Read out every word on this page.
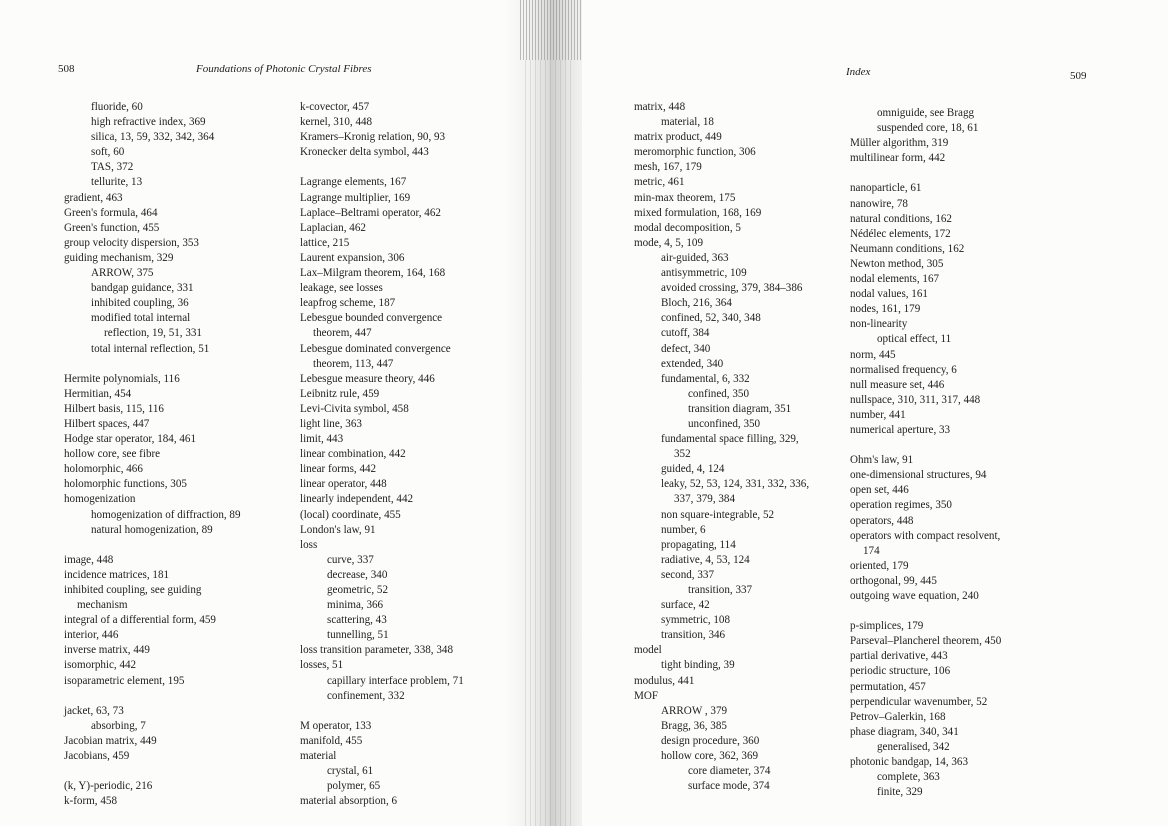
508	Foundations of Photonic Crystal Fibres
fluoride, 60
high refractive index, 369
silica, 13, 59, 332, 342, 364
soft, 60
TAS, 372
tellurite, 13
gradient, 463
Green's formula, 464
Green's function, 455
group velocity dispersion, 353
guiding mechanism, 329
ARROW, 375
bandgap guidance, 331
inhibited coupling, 36
modified total internal
reflection, 19, 51, 331
total internal reflection, 51
Hermite polynomials, 116
Hermitian, 454
Hilbert basis, 115, 116
Hilbert spaces, 447
Hodge star operator, 184, 461
hollow core, see fibre
holomorphic, 466
holomorphic functions, 305
homogenization
homogenization of diffraction, 89
natural homogenization, 89
image, 448
incidence matrices, 181
inhibited coupling, see guiding
mechanism
integral of a differential form, 459
interior, 446
inverse matrix, 449
isomorphic, 442
isoparametric element, 195
jacket, 63, 73
absorbing, 7
Jacobian matrix, 449
Jacobians, 459
(k, Y)-periodic, 216
k-form, 458
k-covector, 457
kernel, 310, 448
Kramers–Kronig relation, 90, 93
Kronecker delta symbol, 443
Lagrange elements, 167
Lagrange multiplier, 169
Laplace–Beltrami operator, 462
Laplacian, 462
lattice, 215
Laurent expansion, 306
Lax–Milgram theorem, 164, 168
leakage, see losses
leapfrog scheme, 187
Lebesgue bounded convergence
theorem, 447
Lebesgue dominated convergence
theorem, 113, 447
Lebesgue measure theory, 446
Leibnitz rule, 459
Levi-Civita symbol, 458
light line, 363
limit, 443
linear combination, 442
linear forms, 442
linear operator, 448
linearly independent, 442
(local) coordinate, 455
London's law, 91
loss
curve, 337
decrease, 340
geometric, 52
minima, 366
scattering, 43
tunnelling, 51
loss transition parameter, 338, 348
losses, 51
capillary interface problem, 71
confinement, 332
M operator, 133
manifold, 455
material
crystal, 61
polymer, 65
material absorption, 6
Index	509
matrix, 448
material, 18
matrix product, 449
meromorphic function, 306
mesh, 167, 179
metric, 461
min-max theorem, 175
mixed formulation, 168, 169
modal decomposition, 5
mode, 4, 5, 109
air-guided, 363
antisymmetric, 109
avoided crossing, 379, 384–386
Bloch, 216, 364
confined, 52, 340, 348
cutoff, 384
defect, 340
extended, 340
fundamental, 6, 332
confined, 350
transition diagram, 351
unconfined, 350
fundamental space filling, 329,
352
guided, 4, 124
leaky, 52, 53, 124, 331, 332, 336,
337, 379, 384
non square-integrable, 52
number, 6
propagating, 114
radiative, 4, 53, 124
second, 337
transition, 337
surface, 42
symmetric, 108
transition, 346
model
tight binding, 39
modulus, 441
MOF
ARROW , 379
Bragg, 36, 385
design procedure, 360
hollow core, 362, 369
core diameter, 374
surface mode, 374
omniguide, see Bragg
suspended core, 18, 61
Müller algorithm, 319
multilinear form, 442
nanoparticle, 61
nanowire, 78
natural conditions, 162
Nédélec elements, 172
Neumann conditions, 162
Newton method, 305
nodal elements, 167
nodal values, 161
nodes, 161, 179
non-linearity
optical effect, 11
norm, 445
normalised frequency, 6
null measure set, 446
nullspace, 310, 311, 317, 448
number, 441
numerical aperture, 33
Ohm's law, 91
one-dimensional structures, 94
open set, 446
operation regimes, 350
operators, 448
operators with compact resolvent,
174
oriented, 179
orthogonal, 99, 445
outgoing wave equation, 240
p-simplices, 179
Parseval–Plancherel theorem, 450
partial derivative, 443
periodic structure, 106
permutation, 457
perpendicular wavenumber, 52
Petrov–Galerkin, 168
phase diagram, 340, 341
generalised, 342
photonic bandgap, 14, 363
complete, 363
finite, 329
